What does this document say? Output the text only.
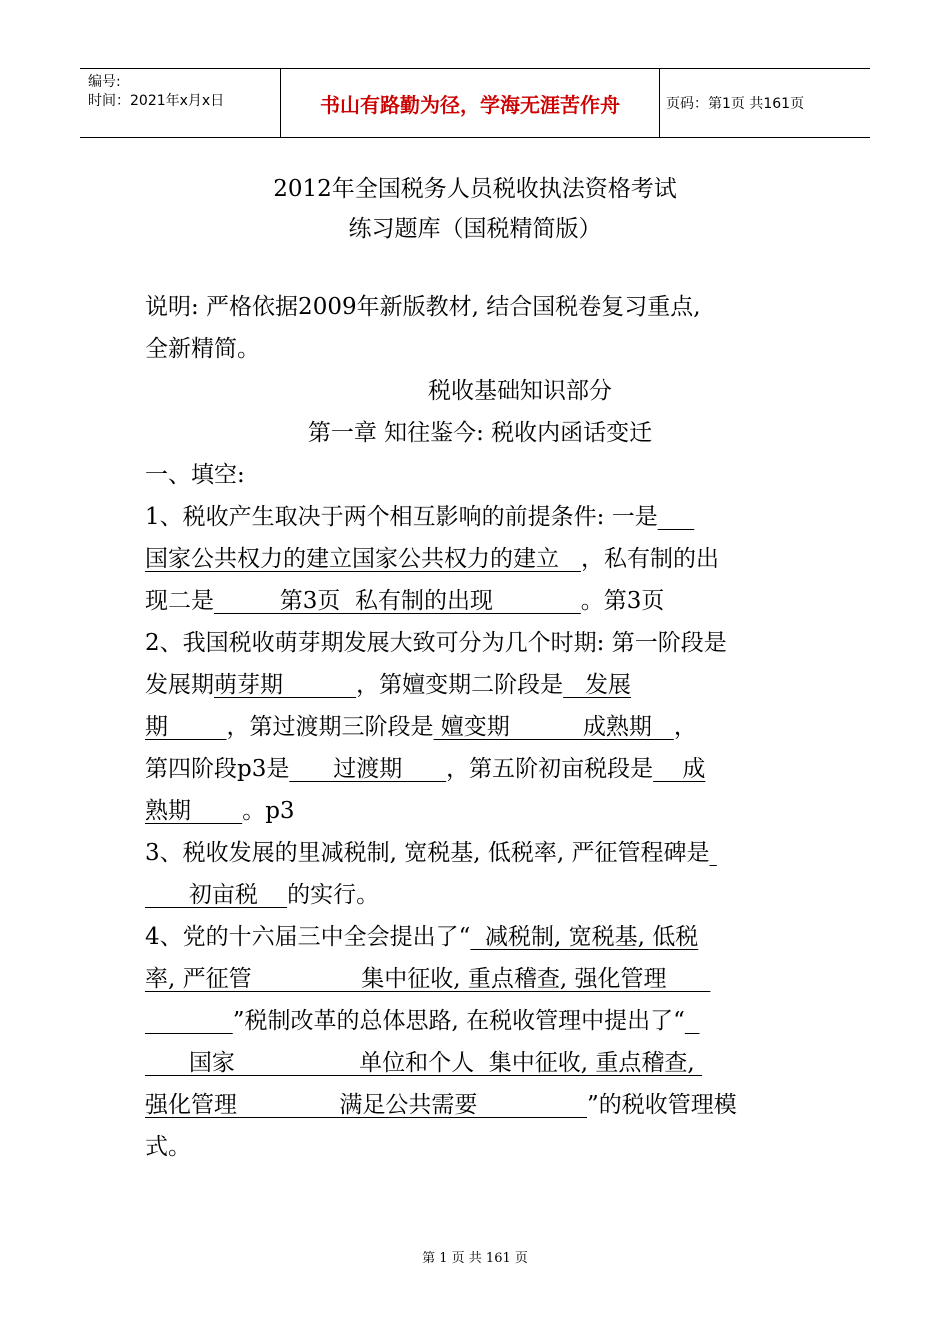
编号:
时间：2021年x月x日	书山有路勤为径，学海无涯苦作舟	页码：第1页 共161页
2012年全国税务人员税收执法资格考试
练习题库（国税精简版）
说明: 严格依据2009年新版教材, 结合国税卷复习重点,
全新精简。
税收基础知识部分
第一章 知往鉴今: 税收内函话变迁
一、填空:
1、税收产生取决于两个相互影响的前提条件: 一是
国家公共权力的建立国家公共权力的建立   ，私有制的出
现二是         第3页  私有制的出现            。第3页
2、我国税收萌芽期发展大致可分为几个时期: 第一阶段是
发展期萌芽期          ，第嬗变期二阶段是   发展
期	，第过渡期三阶段是 嬗变期          成熟期   ，
第四阶段p3是      过渡期      ，第五阶初亩税段是    成
熟期 。p3
3、税收发展的里减税制, 宽税基, 低税率, 严征管程碑是
初亩税    的实行。
4、党的十六届三中全会提出了“  减税制, 宽税基, 低税
率, 严征管               集中征收, 重点稽查, 强化管理
”税制改革的总体思路, 在税收管理中提出了“
国家                 单位和个人  集中征收, 重点稽查,
强化管理              满足公共需要               ”的税收管理模
式。
第 1 页 共 161 页
